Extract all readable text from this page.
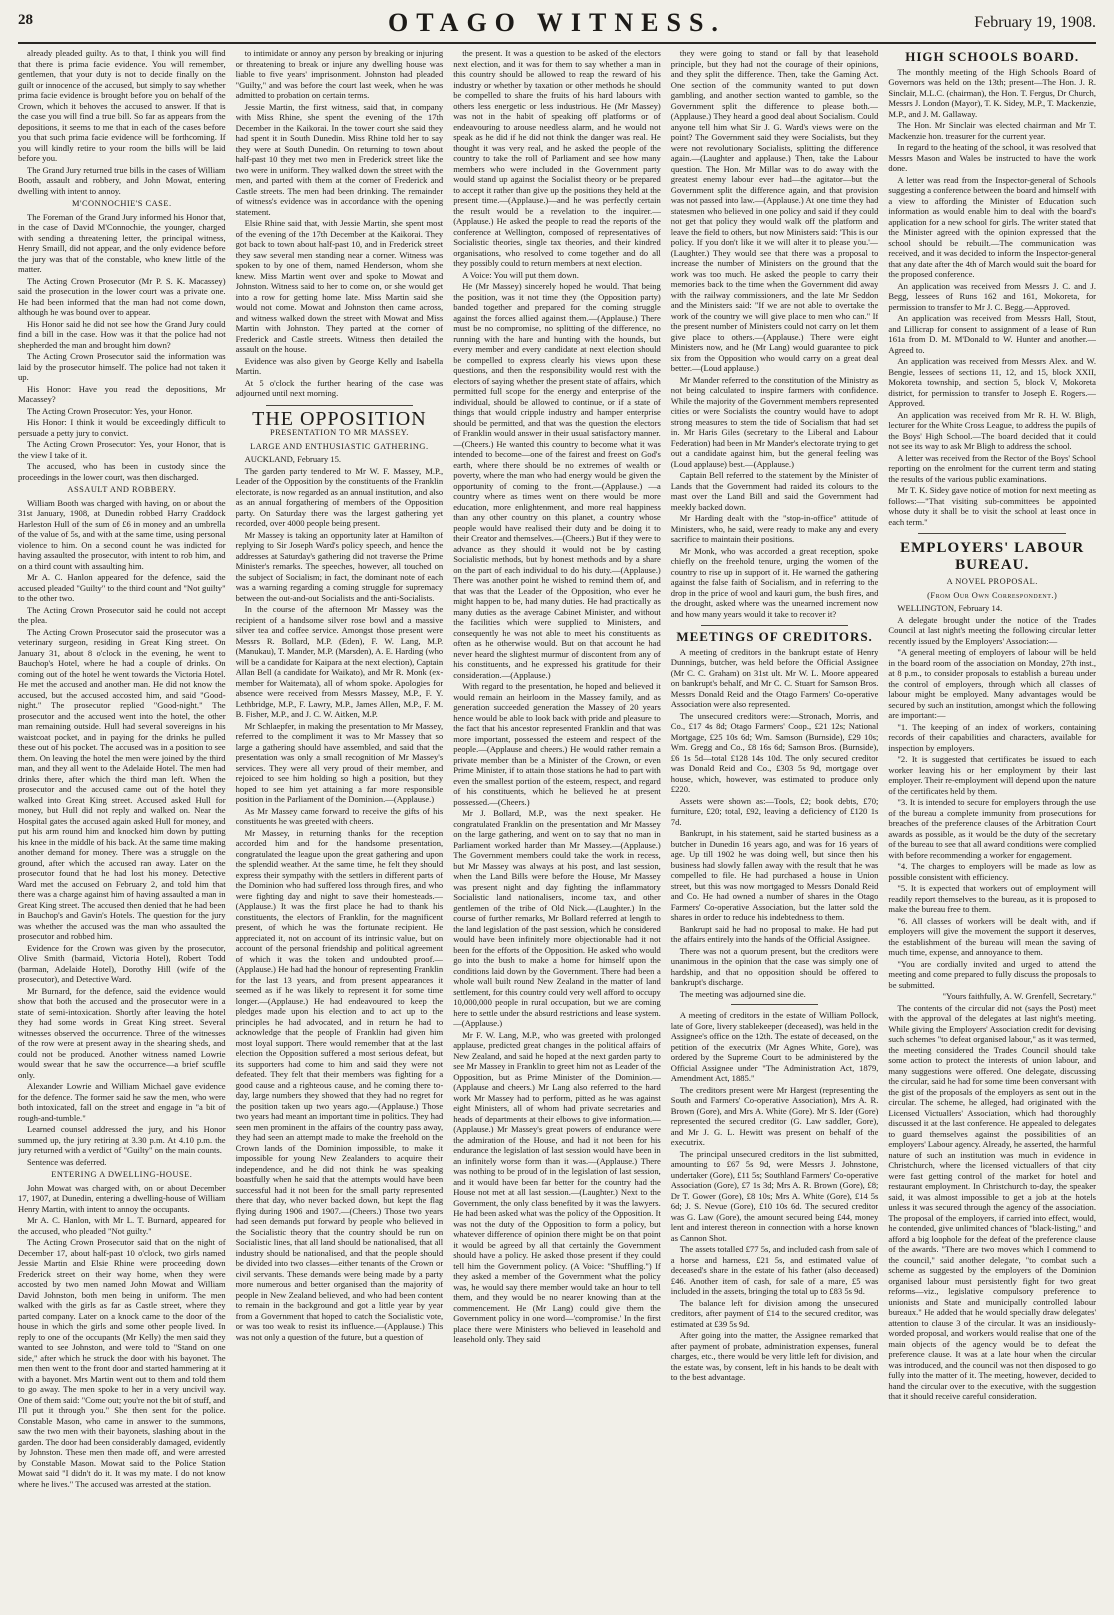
28	OTAGO WITNESS.	February 19, 1908.

already pleaded guilty. As to that, I think you will find that there is prima facie evidence. You will remember, gentlemen, that your duty is not to decide finally on the guilt or innocence of the accused, but simply to say whether prima facie evidence is brought before you on behalf of the Crown, which it behoves the accused to answer. If that is the case you will find a true bill. So far as appears from the depositions, it seems to me that in each of the cases before you that such prima facie evidence will be forthcoming. If you will kindly retire to your room the bills will be laid before you.

The Grand Jury returned true bills in the cases of William Booth, assault and robbery, and John Mowat, entering dwelling with intent to annoy.

M'CONNOCHIE'S CASE.

The Foreman of the Grand Jury informed his Honor that, in the case of David M'Connochie, the younger, charged with sending a threatening letter, the principal witness, Henry Smaill, did not appear, and the only evidence before the jury was that of the constable, who knew little of the matter.

The Acting Crown Prosecutor (Mr P. S. K. Macassey) said the prosecution in the lower court was a private one. He had been informed that the man had not come down, although he was bound over to appear.

His Honor said he did not see how the Grand Jury could find a bill in the case. How was it that the police had not shepherded the man and brought him down?

The Acting Crown Prosecutor said the information was laid by the prosecutor himself. The police had not taken it up.

His Honor: Have you read the depositions, Mr Macassey?

The Acting Crown Prosecutor: Yes, your Honor.

His Honor: I think it would be exceedingly difficult to persuade a petty jury to convict.

The Acting Crown Prosecutor: Yes, your Honor, that is the view I take of it.

The accused, who has been in custody since the proceedings in the lower court, was then discharged.

ASSAULT AND ROBBERY.

William Booth was charged with having, on or about the 31st January, 1908, at Dunedin robbed Harry Craddock Harleston Hull of the sum of £6 in money and an umbrella of the value of 5s, and with at the same time, using personal violence to him. On a second count he was indicted for having assaulted the prosecutor, with intent to rob him, and on a third count with assaulting him.

Mr A. C. Hanlon appeared for the defence, said the accused pleaded "Guilty" to the third count and "Not guilty" to the other two.

The Acting Crown Prosecutor said he could not accept the plea.

The Acting Crown Prosecutor said the prosecutor was a veterinary surgeon, residing in Great King street. On January 31, about 8 o'clock in the evening, he went to Bauchop's Hotel, where he had a couple of drinks. On coming out of the hotel he went towards the Victoria Hotel. He met the accused and another man. He did not know the accused, but the accused accosted him, and said "Good-night." The prosecutor replied "Good-night." The prosecutor and the accused went into the hotel, the other man remaining outside. Hull had several sovereigns in his waistcoat pocket, and in paying for the drinks he pulled these out of his pocket. The accused was in a position to see them. On leaving the hotel the men were joined by the third man, and they all went to the Adelaide Hotel. The men had drinks there, after which the third man left. When the prosecutor and the accused came out of the hotel they walked into Great King street. Accused asked Hull for money, but Hull did not reply and walked on. Near the Hospital gates the accused again asked Hull for money, and put his arm round him and knocked him down by putting his knee in the middle of his back. At the same time making another demand for money. There was a struggle on the ground, after which the accused ran away. Later on the prosecutor found that he had lost his money. Detective Ward met the accused on February 2, and told him that there was a charge against him of having assaulted a man in Great King street. The accused then denied that he had been in Bauchop's and Gavin's Hotels. The question for the jury was whether the accused was the man who assaulted the prosecutor and robbed him.

Evidence for the Crown was given by the prosecutor, Olive Smith (barmaid, Victoria Hotel), Robert Todd (barman, Adelaide Hotel), Dorothy Hill (wife of the prosecutor), and Detective Ward.

Mr Burnard, for the defence, said the evidence would show that both the accused and the prosecutor were in a state of semi-intoxication. Shortly after leaving the hotel they had some words in Great King street. Several witnesses observed the occurrence. Three of the witnesses of the row were at present away in the shearing sheds, and could not be produced. Another witness named Lowrie would swear that he saw the occurrence—a brief scuffle only.

Alexander Lowrie and William Michael gave evidence for the defence. The former said he saw the men, who were both intoxicated, fall on the street and engage in "a bit of rough-and-tumble."

Learned counsel addressed the jury, and his Honor summed up, the jury retiring at 3.30 p.m. At 4.10 p.m. the jury returned with a verdict of "Guilty" on the main counts.

Sentence was deferred.

ENTERING A DWELLING-HOUSE.

John Mowat was charged with, on or about December 17, 1907, at Dunedin, entering a dwelling-house of William Henry Martin, with intent to annoy the occupants.

Mr A. C. Hanlon, with Mr L. T. Burnard, appeared for the accused, who pleaded "Not guilty."

The Acting Crown Prosecutor said that on the night of December 17, about half-past 10 o'clock, two girls named Jessie Martin and Elsie Rhine were proceeding down Frederick street on their way home, when they were accosted by two men named John Mowat and William David Johnston, both men being in uniform. The men walked with the girls as far as Castle street, where they parted company. Later on a knock came to the door of the house in which the girls and some other people lived. In reply to one of the occupants (Mr Kelly) the men said they wanted to see Johnston, and were told to "Stand on one side," after which he struck the door with his bayonet. The men then went to the front door and started hammering at it with a bayonet. Mrs Martin went out to them and told them to go away. The men spoke to her in a very uncivil way. One of them said: "Come out; you're not the bit of stuff, and I'll put it through you." She then sent for the police. Constable Mason, who came in answer to the summons, saw the two men with their bayonets, slashing about in the garden. The door had been considerably damaged, evidently by Johnston. These men then made off, and were arrested by Constable Mason. Mowat said to the Police Station Mowat said "I didn't do it. It was my mate. I do not know where he lives." The accused was arrested at the station.

to intimidate or annoy any person by breaking or injuring or threatening to break or injure any dwelling house was liable to five years' imprisonment. Johnston had pleaded "Guilty," and was before the court last week, when he was admitted to probation on certain terms.

Jessie Martin, the first witness, said that, in company with Miss Rhine, she spent the evening of the 17th December in the Kaikorai. In the tower court she said they had spent it in South Dunedin. Miss Rhine told her to say they were at South Dunedin. On returning to town about half-past 10 they met two men in Frederick street like the two were in uniform. They walked down the street with the men, and parted with them at the corner of Frederick and Castle streets. The men had been drinking. The remainder of witness's evidence was in accordance with the opening statement.

Elsie Rhine said that, with Jessie Martin, she spent most of the evening of the 17th December at the Kaikorai. They got back to town about half-past 10, and in Frederick street they saw several men standing near a corner. Witness was spoken to by one of them, named Henderson, whom she knew. Miss Martin went over and spoke to Mowat and Johnston. Witness said to her to come on, or she would get into a row for getting home late. Miss Martin said she would not come. Mowat and Johnston then came across, and witness walked down the street with Mowat and Miss Martin with Johnston. They parted at the corner of Frederick and Castle streets. Witness then detailed the assault on the house.

Evidence was also given by George Kelly and Isabella Martin.

At 5 o'clock the further hearing of the case was adjourned until next morning.

THE OPPOSITION
PRESENTATION TO MR MASSEY.
LARGE AND ENTHUSIASTIC GATHERING.

AUCKLAND, February 15.

The garden party tendered to Mr W. F. Massey, M.P., Leader of the Opposition by the constituents of the Franklin electorate, is now regarded as an annual institution, and also as an annual forgathering of members of the Opposition party. On Saturday there was the largest gathering yet recorded, over 4000 people being present.

Mr Massey is taking an opportunity later at Hamilton of replying to Sir Joseph Ward's policy speech, and hence the addresses at Saturday's gathering did not traverse the Prime Minister's remarks. The speeches, however, all touched on the subject of Socialism; in fact, the dominant note of each was a warning regarding a coming struggle for supremacy between the out-and-out Socialists and the anti-Socialists.

In the course of the afternoon Mr Massey was the recipient of a handsome silver rose bowl and a massive silver tea and coffee service. Amongst those present were Messrs R. Bollard, M.P. (Eden), F. W. Lang, M.P. (Manukau), T. Mander, M.P. (Marsden), A. E. Harding (who will be a candidate for Kaipara at the next election), Captain Allan Bell (a candidate for Waikato), and Mr R. Monk (ex-member for Waitemata), all of whom spoke. Apologies for absence were received from Messrs Massey, M.P., F. Y. Lethbridge, M.P., F. Lawry, M.P., James Allen, M.P., F. M. B. Fisher, M.P., and J. C. W. Aitken, M.P.

Mr Schlaepfer, in making the presentation to Mr Massey, referred to the compliment it was to Mr Massey that so large a gathering should have assembled, and said that the presentation was only a small recognition of Mr Massey's services. They were all very proud of their member, and rejoiced to see him holding so high a position, but they hoped to see him yet attaining a far more responsible position in the Parliament of the Dominion.—(Applause.)

As Mr Massey came forward to receive the gifts of his constituents he was greeted with cheers.

Mr Massey, in returning thanks for the reception accorded him and for the handsome presentation, congratulated the league upon the great gathering and upon the splendid weather. At the same time, he felt they should express their sympathy with the settlers in different parts of the Dominion who had suffered loss through fires, and who were fighting day and night to save their homesteads.—(Applause.) It was the first place he had to thank his constituents, the electors of Franklin, for the magnificent present, of which he was the fortunate recipient. He appreciated it, not on account of its intrinsic value, but on account of the personal friendship and political agreement of which it was the token and undoubted proof.—(Applause.) He had had the honour of representing Franklin for the last 13 years, and from present appearances it seemed as if he was likely to represent it for some time longer.—(Applause.) He had endeavoured to keep the pledges made upon his election and to act up to the principles he had advocated, and in return he had to acknowledge that the people of Franklin had given him most loyal support. There would remember that at the last election the Opposition suffered a most serious defeat, but its supporters had come to him and said they were not defeated. They felt that their members was fighting for a good cause and a righteous cause, and he coming there to-day, large numbers they showed that they had no regret for the position taken up two years ago.—(Applause.) Those two years had meant an important time in politics. They had seen men prominent in the affairs of the country pass away, they had seen an attempt made to make the freehold on the Crown lands of the Dominion impossible, to make it impossible for young New Zealanders to acquire their independence, and he did not think he was speaking boastfully when he said that the attempts would have been successful had it not been for the small party represented there that day, who never backed down, but kept the flag flying during 1906 and 1907.—(Cheers.) Those two years had seen demands put forward by people who believed in the Socialistic theory that the country should be run on Socialistic lines, that all land should be nationalised, that all industry should be nationalised, and that the people should be divided into two classes—either tenants of the Crown or civil servants. These demands were being made by a party more numerous and better organised than the majority of people in New Zealand believed, and who had been content to remain in the background and got a little year by year from a Government that hoped to catch the Socialistic vote, or was too weak to resist its influence.—(Applause.) This was not only a question of the future, but a question of

the present. It was a question to be asked of the electors next election, and it was for them to say whether a man in this country should be allowed to reap the reward of his industry or whether by taxation or other methods he should be compelled to share the fruits of his hard labours with others less energetic or less industrious. He (Mr Massey) was not in the habit of speaking off platforms or of endeavouring to arouse needless alarm, and he would not speak as he did if he did not think the danger was real. He thought it was very real, and he asked the people of the country to take the roll of Parliament and see how many members who were included in the Government party would stand up against the Socialist theory or be prepared to accept it rather than give up the positions they held at the present time.—(Applause.)—and he was perfectly certain the result would be a revelation to the inquirer.—(Applause.) He asked the people to read the reports of the conference at Wellington, composed of representatives of Socialistic theories, single tax theories, and their kindred organisations, who resolved to come together and do all they possibly could to return members at next election.

A Voice: You will put them down.

He (Mr Massey) sincerely hoped he would. That being the position, was it not time they (the Opposition party) banded together and prepared for the coming struggle against the forces allied against them.—(Applause.) There must be no compromise, no splitting of the difference, no running with the hare and hunting with the hounds, but every member and every candidate at next election should be compelled to express clearly his views upon these questions, and then the responsibility would rest with the electors of saying whether the present state of affairs, which permitted full scope for the energy and enterprise of the individual, should be allowed to continue, or if a state of things that would cripple industry and hamper enterprise should be permitted, and that was the question the electors of Franklin would answer in their usual satisfactory manner.—(Cheers.) He wanted this country to become what it was intended to become—one of the fairest and freest on God's earth, where there should be no extremes of wealth or poverty, where the man who had energy would be given the opportunity of coming to the front.—(Applause.) —a country where as times went on there would be more education, more enlightenment, and more real happiness than any other country on this planet, a country whose people would have realised their duty and be doing it to their Creator and themselves.—(Cheers.) But if they were to advance as they should it would not be by casting Socialistic methods, but by honest methods and by a share on the part of each individual to do his duty.—(Applause.) There was another point he wished to remind them of, and that was that the Leader of the Opposition, who ever he might happen to be, had many duties. He had practically as many duties as the average Cabinet Minister, and without the facilities which were supplied to Ministers, and consequently he was not able to meet his constituents as often as he otherwise would. But on that account he had never heard the slightest murmur of discontent from any of his constituents, and he expressed his gratitude for their consideration.—(Applause.)

With regard to the presentation, he hoped and believed it would remain an heirloom in the Massey family, and as generation succeeded generation the Massey of 20 years hence would be able to look back with pride and pleasure to the fact that his ancestor represented Franklin and that was more important, possessed the esteem and respect of the people.—(Applause and cheers.) He would rather remain a private member than be a Minister of the Crown, or even Prime Minister, if to attain those stations he had to part with even the smallest portion of the esteem, respect, and regard of his constituents, which he believed he at present possessed.—(Cheers.)

Mr J. Bollard, M.P., was the next speaker. He congratulated Franklin on the presentation and Mr Massey on the large gathering, and went on to say that no man in Parliament worked harder than Mr Massey.—(Applause.) The Government members could take the work in recess, but Mr Massey was always at his post, and last session, when the Land Bills were before the House, Mr Massey was present night and day fighting the inflammatory Socialistic land nationalisers, income tax, and other gentlemen of the tribe of Old Nick.—(Laughter.) In the course of further remarks, Mr Bollard referred at length to the land legislation of the past session, which he considered would have been infinitely more objectionable had it not been for the efforts of the Opposition. He asked who would go into the bush to make a home for himself upon the conditions laid down by the Government. There had been a whole wall built round New Zealand in the matter of land settlement, for this country could very well afford to occupy 10,000,000 people in rural occupation, but we are coming here to settle under the absurd restrictions and lease system.—(Applause.)

Mr F. W. Lang, M.P., who was greeted with prolonged applause, predicted great changes in the political affairs of New Zealand, and said he hoped at the next garden party to see Mr Massey in Franklin to greet him not as Leader of the Opposition, but as Prime Minister of the Dominion.—(Applause and cheers.) Mr Lang also referred to the hard work Mr Massey had to perform, pitted as he was against eight Ministers, all of whom had private secretaries and heads of departments at their elbows to give information.—(Applause.) Mr Massey's great powers of endurance were the admiration of the House, and had it not been for his endurance the legislation of last session would have been in an infinitely worse form than it was.—(Applause.) There was nothing to be proud of in the legislation of last session, and it would have been far better for the country had the House not met at all last session.—(Laughter.) Next to the Government, the only class benefited by it was the lawyers. He had been asked what was the policy of the Opposition. It was not the duty of the Opposition to form a policy, but whatever difference of opinion there might be on that point it would be agreed by all that certainly the Government should have a policy. He asked those present if they could tell him the Government policy. (A Voice: "Shuffling.") If they asked a member of the Government what the policy was, he would say there member would take an hour to tell them, and they would be no nearer knowing than at the commencement. He (Mr Lang) could give them the Government policy in one word—'compromise.' In the first place there were Ministers who believed in leasehold and leasehold only. They said

they were going to stand or fall by that leasehold principle, but they had not the courage of their opinions, and they split the difference. Then, take the Gaming Act. One section of the community wanted to put down gambling, and another section wanted to gamble, so the Government split the difference to please both.—(Applause.) They heard a good deal about Socialism. Could anyone tell him what Sir J. G. Ward's views were on the point? The Government said they were Socialists, but they were not revolutionary Socialists, splitting the difference again.—(Laughter and applause.) Then, take the Labour question. The Hon. Mr Millar was to do away with the greatest enemy labour ever had—the agitator—but the Government split the difference again, and that provision was not passed into law.—(Applause.) At one time they had statesmen who believed in one policy and said if they could not get that policy they would walk off the platform and leave the field to others, but now Ministers said: 'This is our policy. If you don't like it we will alter it to please you.'—(Laughter.) They would see that there was a proposal to increase the number of Ministers on the ground that the work was too much. He asked the people to carry their memories back to the time when the Government did away with the railway commissioners, and the late Mr Seddon and the Ministers said: "If we are not able to overtake the work of the country we will give place to men who can." If the present number of Ministers could not carry on let them give place to others.—(Applause.) There were eight Ministers now, and he (Mr Lang) would guarantee to pick six from the Opposition who would carry on a great deal better.—(Loud applause.)

Mr Mander referred to the constitution of the Ministry as not being calculated to inspire farmers with confidence. While the majority of the Government members represented cities or were Socialists the country would have to adopt strong measures to stem the tide of Socialism that had set in. Mr Haris Giles (secretary to the Liberal and Labour Federation) had been in Mr Mander's electorate trying to get out a candidate against him, but the general feeling was (Loud applause) best.—(Applause.)

Captain Bell referred to the statement by the Minister of Lands that the Government had raided its colours to the mast over the Land Bill and said the Government had meekly backed down.

Mr Harding dealt with the "stop-in-office" attitude of Ministers, who, he said, were ready to make any and every sacrifice to maintain their positions.

Mr Monk, who was accorded a great reception, spoke chiefly on the freehold tenure, urging the women of the country to rise up in support of it. He warned the gathering against the false faith of Socialism, and in referring to the drop in the price of wool and kauri gum, the bush fires, and the drought, asked where was the unearned increment now and how many years would it take to recover it?

MEETINGS OF CREDITORS.

A meeting of creditors in the bankrupt estate of Henry Dunnings, butcher, was held before the Official Assignee (Mr C. C. Graham) on 31st ult. Mr W. L. Moore appeared on bankrupt's behalf, and Mr C. C. Stuart for Samson Bros. Messrs Donald Reid and the Otago Farmers' Co-operative Association were also represented.

The unsecured creditors were:—Stronach, Morris, and Co., £17 4s 8d; Otago Farmers' Coop., £21 12s; National Mortgage, £25 10s 6d; Wm. Samson (Burnside), £29 10s; Wm. Gregg and Co., £8 16s 6d; Samson Bros. (Burnside), £6 1s 5d—total £128 14s 10d. The only secured creditor was Donald Reid and Co., £303 5s 9d, mortgage over house, which, however, was estimated to produce only £220.

Assets were shown as:—Tools, £2; book debts, £70; furniture, £20; total, £92, leaving a deficiency of £120 1s 7d.

Bankrupt, in his statement, said he started business as a butcher in Dunedin 16 years ago, and was for 16 years of age. Up till 1902 he was doing well, but since then his business had slowly fallen away with the result that he was compelled to file. He had purchased a house in Union street, but this was now mortgaged to Messrs Donald Reid and Co. He had owned a number of shares in the Otago Farmers' Co-operative Association, but the latter sold the shares in order to reduce his indebtedness to them.

Bankrupt said he had no proposal to make. He had put the affairs entirely into the hands of the Official Assignee.

There was not a quorum present, but the creditors were unanimous in the opinion that the case was simply one of hardship, and that no opposition should be offered to bankrupt's discharge.

The meeting was adjourned sine die.

A meeting of creditors in the estate of William Pollock, late of Gore, livery stablekeeper (deceased), was held in the Assignee's office on the 12th. The estate of deceased, on the petition of the executrix (Mr Agnes White, Gore), was ordered by the Supreme Court to be administered by the Official Assignee under "The Administration Act, 1879, Amendment Act, 1885."

The creditors present were Mr Hargest (representing the South and Farmers' Co-operative Association), Mrs A. R. Brown (Gore), and Mrs A. White (Gore). Mr S. Ider (Gore) represented the secured creditor (G. Law saddler, Gore), and Mr J. G. L. Hewitt was present on behalf of the executrix.

The principal unsecured creditors in the list submitted, amounting to £67 5s 9d, were Messrs J. Johnstone, undertaker (Gore), £11 5s; Southland Farmers' Co-operative Association (Gore), £7 1s 3d; Mrs A. R. Brown (Gore), £8; Dr T. Gower (Gore), £8 10s; Mrs A. White (Gore), £14 5s 6d; J. S. Nevue (Gore), £10 10s 6d. The secured creditor was G. Law (Gore), the amount secured being £44, money lent and interest thereon in connection with a horse known as Cannon Shot.

The assets totalled £77 5s, and included cash from sale of a horse and harness, £21 5s, and estimated value of deceased's share in the estate of his father (also deceased) £46. Another item of cash, for sale of a mare, £5 was included in the assets, bringing the total up to £83 5s 9d.

The balance left for division among the unsecured creditors, after payment of £14 to the secured creditor, was estimated at £39 5s 9d.

After going into the matter, the Assignee remarked that after payment of probate, administration expenses, funeral charges, etc., there would be very little left for division, and the estate was, by consent, left in his hands to be dealt with to the best advantage.

HIGH SCHOOLS BOARD.

The monthly meeting of the High Schools Board of Governors was held on the 13th; present—The Hon. J. R. Sinclair, M.L.C. (chairman), the Hon. T. Fergus, Dr Church, Messrs J. London (Mayor), T. K. Sidey, M.P., T. Mackenzie, M.P., and J. M. Gallaway.

The Hon. Mr Sinclair was elected chairman and Mr T. Mackenzie hon. treasurer for the current year.

In regard to the heating of the school, it was resolved that Messrs Mason and Wales be instructed to have the work done.

A letter was read from the Inspector-general of Schools suggesting a conference between the board and himself with a view to affording the Minister of Education such information as would enable him to deal with the board's application for a new school for girls. The writer stated that the Minister agreed with the opinion expressed that the school should be rebuilt.—The communication was received, and it was decided to inform the Inspector-general that any date after the 4th of March would suit the board for the proposed conference.

An application was received from Messrs J. C. and J. Begg, lessees of Runs 162 and 161, Mokoreta, for permission to transfer to Mr J. C. Begg.—Approved.

An application was received from Messrs Hall, Stout, and Lillicrap for consent to assignment of a lease of Run 161a from D. M. M'Donald to W. Hunter and another.—Agreed to.

An application was received from Messrs Alex. and W. Bengie, lessees of sections 11, 12, and 15, block XXII, Mokoreta township, and section 5, block V, Mokoreta district, for permission to transfer to Joseph E. Rogers.—Approved.

An application was received from Mr R. H. W. Bligh, lecturer for the White Cross League, to address the pupils of the Boys' High School.—The board decided that it could not see its way to ask Mr Bligh to address the school.

A letter was received from the Rector of the Boys' School reporting on the enrolment for the current term and stating the results of the various public examinations.

Mr T. K. Sidey gave notice of motion for next meeting as follows:—"That visiting sub-committees be appointed whose duty it shall be to visit the school at least once in each term."

EMPLOYERS' LABOUR BUREAU.
A NOVEL PROPOSAL.
(From Our Own Correspondent.)

WELLINGTON, February 14.

A delegate brought under the notice of the Trades Council at last night's meeting the following circular letter recently issued by the Employers' Association:—

"A general meeting of employers of labour will be held in the board room of the association on Monday, 27th inst., at 8 p.m., to consider proposals to establish a bureau under the control of employers, through which all classes of labour might be employed. Many advantages would be secured by such an institution, amongst which the following are important:—

"1. The keeping of an index of workers, containing records of their capabilities and characters, available for inspection by employers.

"2. It is suggested that certificates be issued to each worker leaving his or her employment by their last employer. Their re-employment will depend upon the nature of the certificates held by them.

"3. It is intended to secure for employers through the use of the bureau a complete immunity from prosecutions for breaches of the preference clauses of the Arbitration Court awards as possible, as it would be the duty of the secretary of the bureau to see that all award conditions were complied with before recommending a worker for engagement.

"4. The charges to employers will be made as low as possible consistent with efficiency.

"5. It is expected that workers out of employment will readily report themselves to the bureau, as it is proposed to make the bureau free to them.

"6. All classes of workers will be dealt with, and if employers will give the movement the support it deserves, the establishment of the bureau will mean the saving of much time, expense, and annoyance to them.

"You are cordially invited and urged to attend the meeting and come prepared to fully discuss the proposals to be submitted.

"Yours faithfully, A. W. Grenfell, Secretary."

The contents of the circular did not (says the Post) meet with the approval of the delegates at last night's meeting. While giving the Employers' Association credit for devising such schemes "to defeat organised labour," as it was termed, the meeting considered the Trades Council should take some action to protect the interests of union labour, and many suggestions were offered. One delegate, discussing the circular, said he had for some time been conversant with the gist of the proposals of the employers as sent out in the circular. The scheme, he alleged, had originated with the Licensed Victuallers' Association, which had thoroughly discussed it at the last conference. He appealed to delegates to guard themselves against the possibilities of an employers' Labour agency. Already, he asserted, the harmful nature of such an institution was much in evidence in Christchurch, where the licensed victuallers of that city were fast getting control of the market for hotel and restaurant employment. In Christchurch to-day, the speaker said, it was almost impossible to get a job at the hotels unless it was secured through the agency of the association. The proposal of the employers, if carried into effect, would, he contended, give unlimited chances of "black-listing," and afford a big loophole for the defeat of the preference clause of the awards. "There are two moves which I commend to the council," said another delegate, "to combat such a scheme as suggested by the employers of the Dominion organised labour must persistently fight for two great reforms—viz., legislative compulsory preference to unionists and State and municipally controlled labour bureaux." He added that he would specially draw delegates' attention to clause 3 of the circular. It was an insidiously-worded proposal, and workers would realise that one of the main objects of the agency would be to defeat the preference clause. It was at a late hour when the circular was introduced, and the council was not then disposed to go fully into the matter of it. The meeting, however, decided to hand the circular over to the executive, with the suggestion that it should receive careful consideration.
